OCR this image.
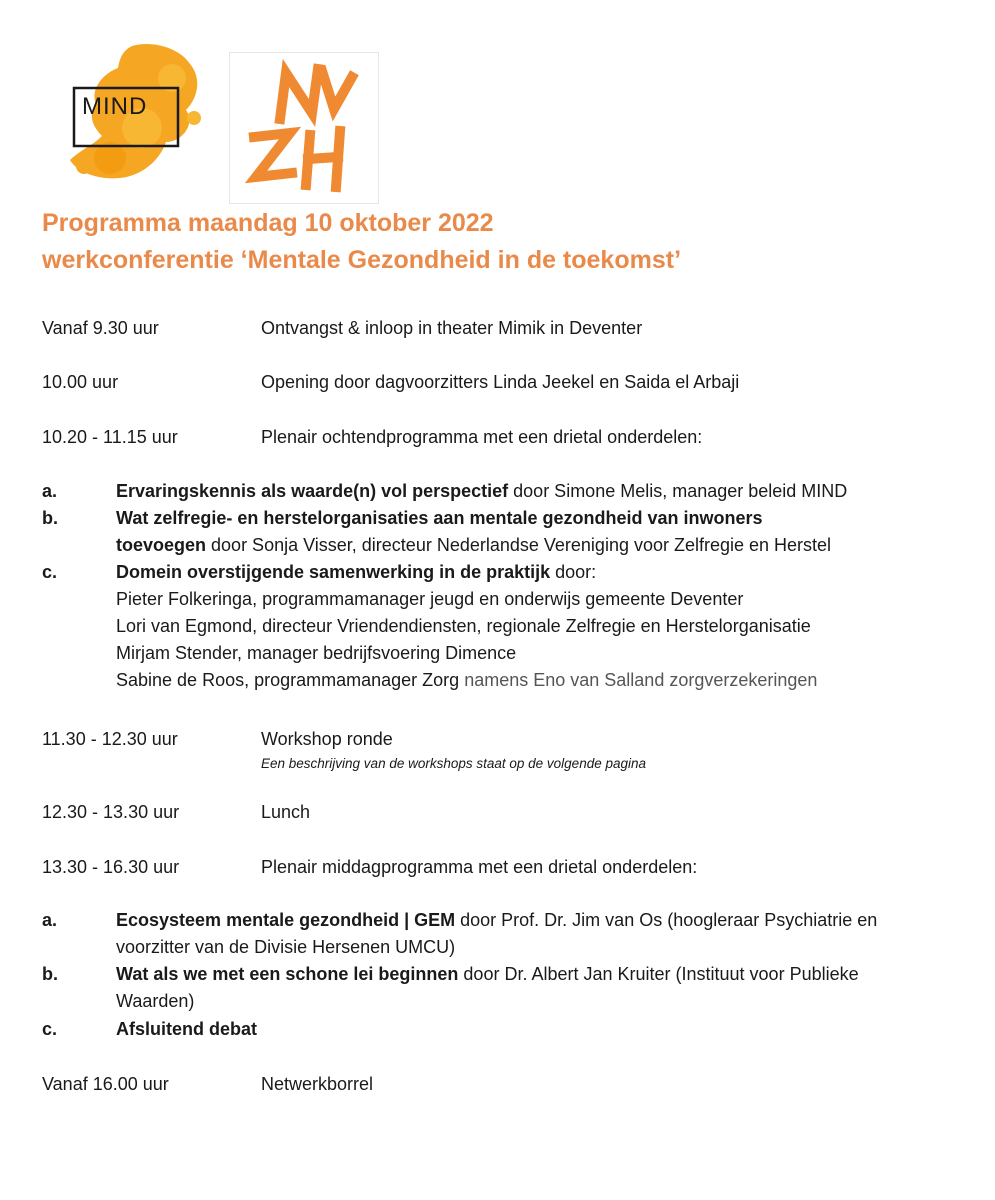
MIND
Programma maandag 10 oktober 2022
werkconferentie ‘Mentale Gezondheid in de toekomst’
Vanaf 9.30 uur	Ontvangst & inloop in theater Mimik in Deventer
10.00 uur	Opening door dagvoorzitters Linda Jeekel en Saida el Arbaji
10.20 - 11.15 uur	Plenair ochtendprogramma met een drietal onderdelen:
a.	Ervaringskennis als waarde(n) vol perspectief door Simone Melis, manager beleid MIND
b.	Wat zelfregie- en herstelorganisaties aan mentale gezondheid van inwoners
toevoegen door Sonja Visser, directeur Nederlandse Vereniging voor Zelfregie en Herstel
c.	Domein overstijgende samenwerking in de praktijk door:
Pieter Folkeringa, programmamanager jeugd en onderwijs gemeente Deventer
Lori van Egmond, directeur Vriendendiensten, regionale Zelfregie en Herstelorganisatie
Mirjam Stender, manager bedrijfsvoering Dimence
Sabine de Roos, programmamanager Zorg namens Eno van Salland zorgverzekeringen
11.30 - 12.30 uur	Workshop ronde
Een beschrijving van de workshops staat op de volgende pagina
12.30 - 13.30 uur	Lunch
13.30 - 16.30 uur	Plenair middagprogramma met een drietal onderdelen:
a.	Ecosysteem mentale gezondheid | GEM door Prof. Dr. Jim van Os (hoogleraar Psychiatrie en
voorzitter van de Divisie Hersenen UMCU)
b.	Wat als we met een schone lei beginnen door Dr. Albert Jan Kruiter (Instituut voor Publieke
Waarden)
c.	Afsluitend debat
Vanaf 16.00 uur	Netwerkborrel
